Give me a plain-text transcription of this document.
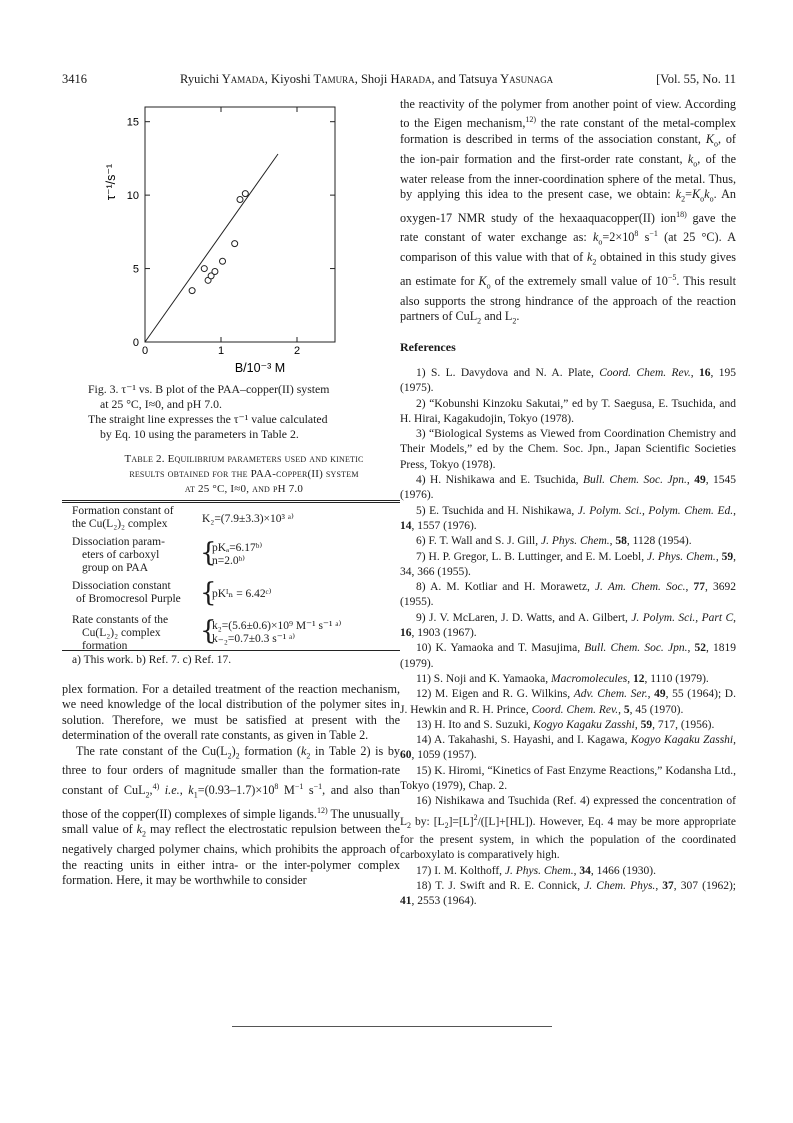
3416	Ryuichi Yamada, Kiyoshi Tamura, Shoji Harada, and Tatsuya Yasunaga	[Vol. 55, No. 11
0
5
10
15
0	1	2
B/10⁻³ M
τ⁻¹/s⁻¹
Fig. 3. τ⁻¹ vs. B plot of the PAA–copper(II) system
at 25 °C, I≈0, and pH 7.0.
The straight line expresses the τ⁻¹ value calculated
by Eq. 10 using the parameters in Table 2.
Table 2. Equilibrium parameters used and kinetic
results obtained for the PAA-copper(II) system
at 25 °C, I≈0, and pH 7.0
Formation constant of
the Cu(L₂)₂ complex	K₂=(7.9±3.3)×10³ ᵃ⁾
Dissociation param-
eters of carboxyl
group on PAA {
pKₐ=6.17ᵇ⁾
n=2.0ᵇ⁾
Dissociation constant
of Bromocresol Purple {
pKᴵₙ = 6.42ᶜ⁾
Rate constants of the
Cu(L₂)₂ complex
formation	{
k₂=(5.6±0.6)×10⁹ M⁻¹ s⁻¹ ᵃ⁾
k₋₂=0.7±0.3 s⁻¹ ᵃ⁾
a) This work. b) Ref. 7. c) Ref. 17.

plex formation. For a detailed treatment of the reaction mechanism, we need knowledge of the local distribution of the polymer sites in solution. Therefore, we must be satisfied at present with the determination of the overall rate constants, as given in Table 2.

The rate constant of the $Cu(L_2)_2$ formation ($k_2$ in Table 2) is by three to four orders of magnitude smaller than the formation-rate constant of CuL$_2$,$^{4)}$ i.e., $k_1=(0.93-1.7)\times 10^8$ $M^{-1}$ $s^{-1}$, and also than those of the copper(II) complexes of simple ligands.$^{12)}$ The unusually small value of $k_2$ may reflect the electrostatic repulsion between the negatively charged polymer chains, which prohibits the approach of the reacting units in either intra- or the inter-polymer complex formation. Here, it may be worthwhile to consider

the reactivity of the polymer from another point of view. According to the Eigen mechanism,$^{12)}$ the rate constant of the metal-complex formation is described in terms of the association constant, $K_o$, of the ion-pair formation and the first-order rate constant, $k_o$, of the water release from the inner-coordination sphere of the metal. Thus, by applying this idea to the present case, we obtain: $k_2=K_ok_o$. An oxygen-17 NMR study of the hexaaquacopper(II) ion$^{18)}$ gave the rate constant of water exchange as: $k_o=2\times 10^8$ $s^{-1}$ (at 25 °C). A comparison of this value with that of $k_2$ obtained in this study gives an estimate for $K_o$ of the extremely small value of $10^{-5}$. This result also supports the strong hindrance of the approach of the reaction partners of CuL$_2$ and $L_2$.

References
1) S. L. Davydova and N. A. Plate, Coord. Chem. Rev., 16, 195 (1975).
2) “Kobunshi Kinzoku Sakutai,” ed by T. Saegusa, E. Tsuchida, and H. Hirai, Kagakudojin, Tokyo (1978).
3) “Biological Systems as Viewed from Coordination Chemistry and Their Models,” ed by the Chem. Soc. Jpn., Japan Scientific Societies Press, Tokyo (1978).
4) H. Nishikawa and E. Tsuchida, Bull. Chem. Soc. Jpn., 49, 1545 (1976).
5) E. Tsuchida and H. Nishikawa, J. Polym. Sci., Polym. Chem. Ed., 14, 1557 (1976).
6) F. T. Wall and S. J. Gill, J. Phys. Chem., 58, 1128 (1954).
7) H. P. Gregor, L. B. Luttinger, and E. M. Loebl, J. Phys. Chem., 59, 34, 366 (1955).
8) A. M. Kotliar and H. Morawetz, J. Am. Chem. Soc., 77, 3692 (1955).
9) J. V. McLaren, J. D. Watts, and A. Gilbert, J. Polym. Sci., Part C, 16, 1903 (1967).
10) K. Yamaoka and T. Masujima, Bull. Chem. Soc. Jpn., 52, 1819 (1979).
11) S. Noji and K. Yamaoka, Macromolecules, 12, 1110 (1979).
12) M. Eigen and R. G. Wilkins, Adv. Chem. Ser., 49, 55 (1964); D. J. Hewkin and R. H. Prince, Coord. Chem. Rev., 5, 45 (1970).
13) H. Ito and S. Suzuki, Kogyo Kagaku Zasshi, 59, 717, (1956).
14) A. Takahashi, S. Hayashi, and I. Kagawa, Kogyo Kagaku Zasshi, 60, 1059 (1957).
15) K. Hiromi, “Kinetics of Fast Enzyme Reactions,” Kodansha Ltd., Tokyo (1979), Chap. 2.
16) Nishikawa and Tsuchida (Ref. 4) expressed the concentration of $L_2$ by: $[L_2]=[L]^2/([L]+[HL])$. However, Eq. 4 may be more appropriate for the present system, in which the population of the coordinated carboxylato is comparatively high.
17) I. M. Kolthoff, J. Phys. Chem., 34, 1466 (1930).
18) T. J. Swift and R. E. Connick, J. Chem. Phys., 37, 307 (1962); 41, 2553 (1964).
